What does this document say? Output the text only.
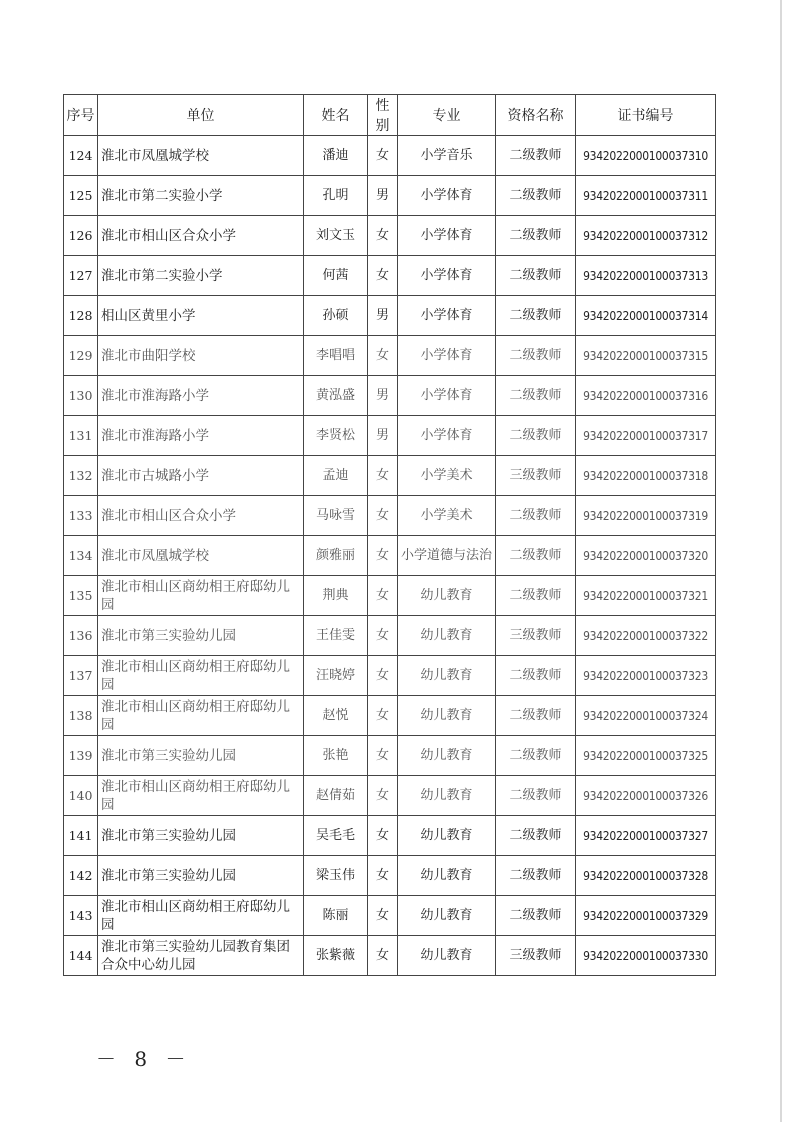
序号	单位	姓名	性别	专业	资格名称	证书编号
124	淮北市凤凰城学校	潘迪	女	小学音乐	二级教师	9342022000100037310
125	淮北市第二实验小学	孔明	男	小学体育	二级教师	9342022000100037311
126	淮北市相山区合众小学	刘文玉	女	小学体育	二级教师	9342022000100037312
127	淮北市第二实验小学	何茜	女	小学体育	二级教师	9342022000100037313
128	相山区黄里小学	孙硕	男	小学体育	二级教师	9342022000100037314
129	淮北市曲阳学校	李唱唱	女	小学体育	二级教师	9342022000100037315
130	淮北市淮海路小学	黄泓盛	男	小学体育	二级教师	9342022000100037316
131	淮北市淮海路小学	李贤松	男	小学体育	二级教师	9342022000100037317
132	淮北市古城路小学	孟迪	女	小学美术	三级教师	9342022000100037318
133	淮北市相山区合众小学	马咏雪	女	小学美术	二级教师	9342022000100037319
134	淮北市凤凰城学校	颜雅丽	女	小学道德与法治	二级教师	9342022000100037320
135	淮北市相山区商幼相王府邸幼儿园	荆典	女	幼儿教育	二级教师	9342022000100037321
136	淮北市第三实验幼儿园	王佳雯	女	幼儿教育	三级教师	9342022000100037322
137	淮北市相山区商幼相王府邸幼儿园	汪晓婷	女	幼儿教育	二级教师	9342022000100037323
138	淮北市相山区商幼相王府邸幼儿园	赵悦	女	幼儿教育	二级教师	9342022000100037324
139	淮北市第三实验幼儿园	张艳	女	幼儿教育	二级教师	9342022000100037325
140	淮北市相山区商幼相王府邸幼儿园	赵倩茹	女	幼儿教育	二级教师	9342022000100037326
141	淮北市第三实验幼儿园	吴毛毛	女	幼儿教育	二级教师	9342022000100037327
142	淮北市第三实验幼儿园	梁玉伟	女	幼儿教育	二级教师	9342022000100037328
143	淮北市相山区商幼相王府邸幼儿园	陈丽	女	幼儿教育	二级教师	9342022000100037329
144	淮北市第三实验幼儿园教育集团合众中心幼儿园	张紫薇	女	幼儿教育	三级教师	9342022000100037330
－ 8 －
